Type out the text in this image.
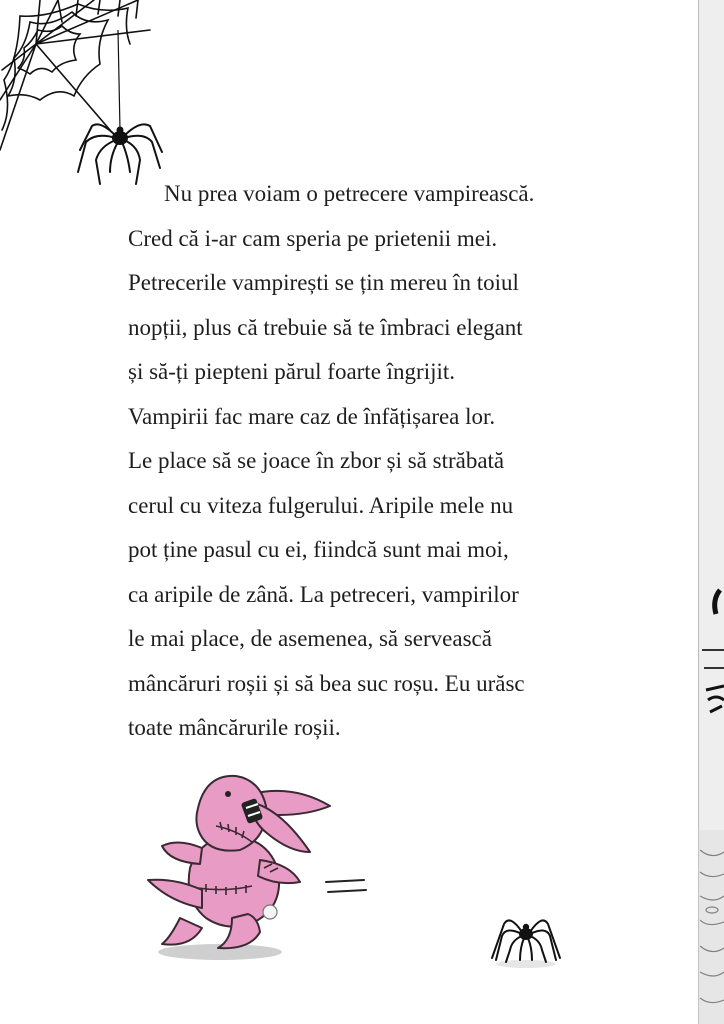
Nu prea voiam o petrecere vampirească.
Cred că i-ar cam speria pe prietenii mei.
Petrecerile vampirești se țin mereu în toiul
nopții, plus că trebuie să te îmbraci elegant
și să-ți piepteni părul foarte îngrijit.
Vampirii fac mare caz de înfățișarea lor.
Le place să se joace în zbor și să străbată
cerul cu viteza fulgerului. Aripile mele nu
pot ține pasul cu ei, fiindcă sunt mai moi,
ca aripile de zână. La petreceri, vampirilor
le mai place, de asemenea, să servească
mâncăruri roșii și să bea suc roșu. Eu urăsc
toate mâncărurile roșii.
